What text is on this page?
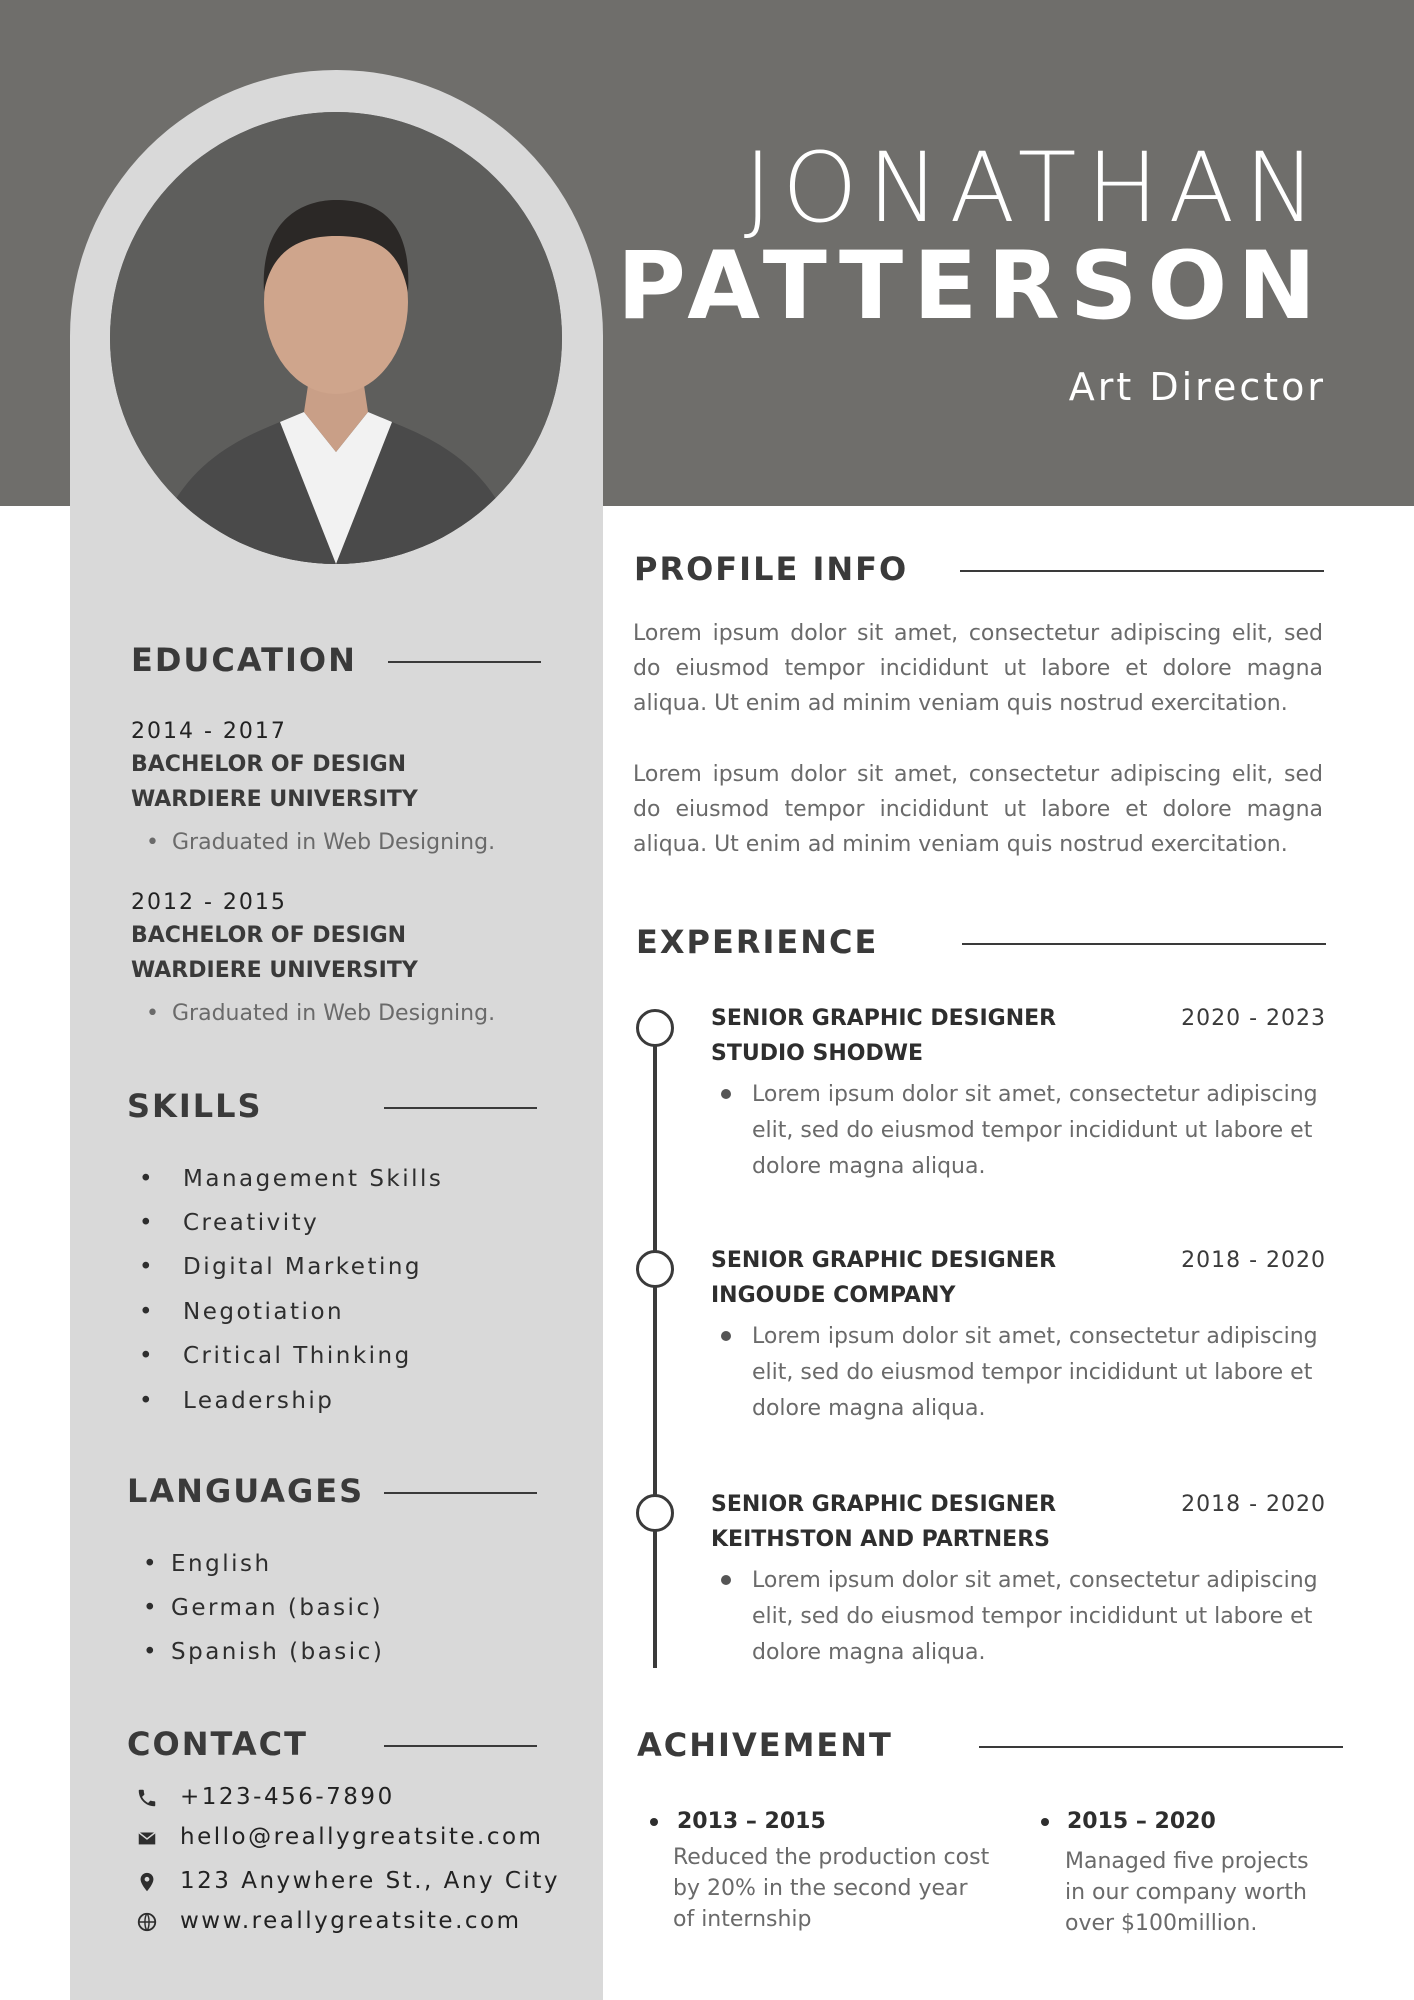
JONATHAN
PATTERSON
Art Director
EDUCATION
2014 - 2017
BACHELOR OF DESIGN
WARDIERE UNIVERSITY
• Graduated in Web Designing.
2012 - 2015
BACHELOR OF DESIGN
WARDIERE UNIVERSITY
• Graduated in Web Designing.
SKILLS
• Management Skills
• Creativity
• Digital Marketing
• Negotiation
• Critical Thinking
• Leadership
LANGUAGES
• English
• German (basic)
• Spanish (basic)
CONTACT
+123-456-7890
hello@reallygreatsite.com
123 Anywhere St., Any City
www.reallygreatsite.com
PROFILE INFO
Lorem ipsum dolor sit amet, consectetur adipiscing elit, sed do eiusmod tempor incididunt ut labore et dolore magna aliqua. Ut enim ad minim veniam quis nostrud exercitation.
Lorem ipsum dolor sit amet, consectetur adipiscing elit, sed do eiusmod tempor incididunt ut labore et dolore magna aliqua. Ut enim ad minim veniam quis nostrud exercitation.
EXPERIENCE
SENIOR GRAPHIC DESIGNER	2020 - 2023
STUDIO SHODWE
Lorem ipsum dolor sit amet, consectetur adipiscing elit, sed do eiusmod tempor incididunt ut labore et dolore magna aliqua.
SENIOR GRAPHIC DESIGNER	2018 - 2020
INGOUDE COMPANY
Lorem ipsum dolor sit amet, consectetur adipiscing elit, sed do eiusmod tempor incididunt ut labore et dolore magna aliqua.
SENIOR GRAPHIC DESIGNER	2018 - 2020
KEITHSTON AND PARTNERS
Lorem ipsum dolor sit amet, consectetur adipiscing elit, sed do eiusmod tempor incididunt ut labore et dolore magna aliqua.
ACHIVEMENT
2013 – 2015
Reduced the production cost by 20% in the second year of internship
2015 – 2020
Managed five projects in our company worth over $100million.
